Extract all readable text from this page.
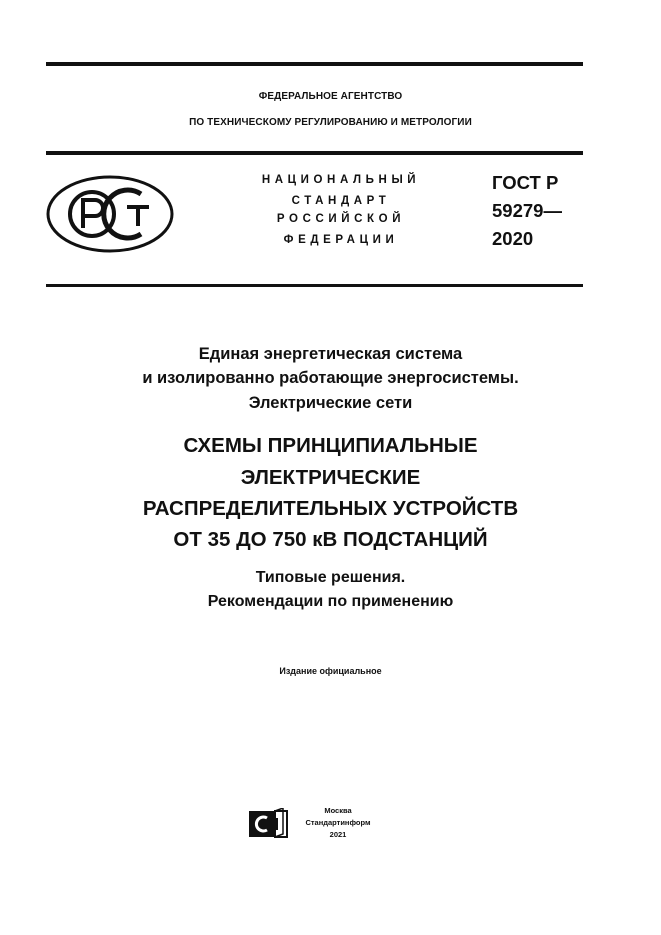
ФЕДЕРАЛЬНОЕ АГЕНТСТВО
ПО ТЕХНИЧЕСКОМУ РЕГУЛИРОВАНИЮ И МЕТРОЛОГИИ
НАЦИОНАЛЬНЫЙ
СТАНДАРТ
РОССИЙСКОЙ
ФЕДЕРАЦИИ
ГОСТ Р
59279—
2020
Единая энергетическая система
и изолированно работающие энергосистемы.
Электрические сети
СХЕМЫ ПРИНЦИПИАЛЬНЫЕ
ЭЛЕКТРИЧЕСКИЕ
РАСПРЕДЕЛИТЕЛЬНЫХ УСТРОЙСТВ
ОТ 35 ДО 750 кВ ПОДСТАНЦИЙ
Типовые решения.
Рекомендации по применению
Издание официальное
Москва
Стандартинформ
2021
